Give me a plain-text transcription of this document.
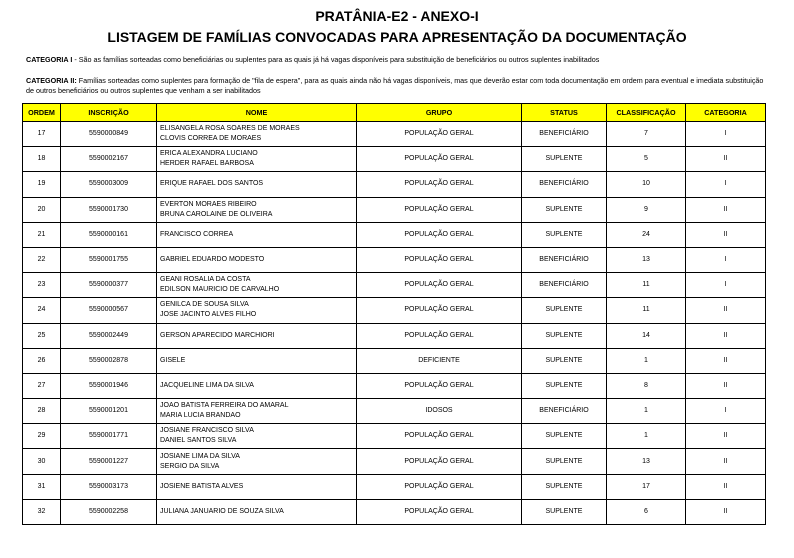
PRATÂNIA-E2 - ANEXO-I
LISTAGEM DE FAMÍLIAS CONVOCADAS PARA APRESENTAÇÃO DA DOCUMENTAÇÃO
CATEGORIA I - São as famílias sorteadas como beneficiárias ou suplentes para as quais já há vagas disponíveis para substituição de beneficiários ou outros suplentes inabilitados
CATEGORIA II: Famílias sorteadas como suplentes para formação de "fila de espera", para as quais ainda não há vagas disponíveis, mas que deverão estar com toda documentação em ordem para eventual e imediata substituição de outros beneficiários ou outros suplentes que venham a ser inabilitados
ORDEM	INSCRIÇÃO	NOME	GRUPO	STATUS	CLASSIFICAÇÃO	CATEGORIA
17	5590000849	ELISANGELA ROSA SOARES DE MORAES
CLOVIS CORREA DE MORAES	POPULAÇÃO GERAL	BENEFICIÁRIO	7	I
18	5590002167	ERICA ALEXANDRA LUCIANO
HERDER RAFAEL BARBOSA	POPULAÇÃO GERAL	SUPLENTE	5	II
19	5590003009	ERIQUE RAFAEL DOS SANTOS	POPULAÇÃO GERAL	BENEFICIÁRIO	10	I
20	5590001730	EVERTON MORAES RIBEIRO
BRUNA CAROLAINE DE OLIVEIRA	POPULAÇÃO GERAL	SUPLENTE	9	II
21	5590000161	FRANCISCO CORREA	POPULAÇÃO GERAL	SUPLENTE	24	II
22	5590001755	GABRIEL EDUARDO MODESTO	POPULAÇÃO GERAL	BENEFICIÁRIO	13	I
23	5590000377	GEANI ROSALIA DA COSTA
EDILSON MAURICIO DE CARVALHO	POPULAÇÃO GERAL	BENEFICIÁRIO	11	I
24	5590000567	GENILCA DE SOUSA SILVA
JOSE JACINTO ALVES FILHO	POPULAÇÃO GERAL	SUPLENTE	11	II
25	5590002449	GERSON APARECIDO MARCHIORI	POPULAÇÃO GERAL	SUPLENTE	14	II
26	5590002878	GISELE	DEFICIENTE	SUPLENTE	1	II
27	5590001946	JACQUELINE LIMA DA SILVA	POPULAÇÃO GERAL	SUPLENTE	8	II
28	5590001201	JOAO BATISTA FERREIRA DO AMARAL
MARIA LUCIA BRANDAO	IDOSOS	BENEFICIÁRIO	1	I
29	5590001771	JOSIANE FRANCISCO SILVA
DANIEL SANTOS SILVA	POPULAÇÃO GERAL	SUPLENTE	1	II
30	5590001227	JOSIANE LIMA DA SILVA
SERGIO DA SILVA	POPULAÇÃO GERAL	SUPLENTE	13	II
31	5590003173	JOSIENE BATISTA ALVES	POPULAÇÃO GERAL	SUPLENTE	17	II
32	5590002258	JULIANA JANUARIO DE SOUZA SILVA	POPULAÇÃO GERAL	SUPLENTE	6	II
